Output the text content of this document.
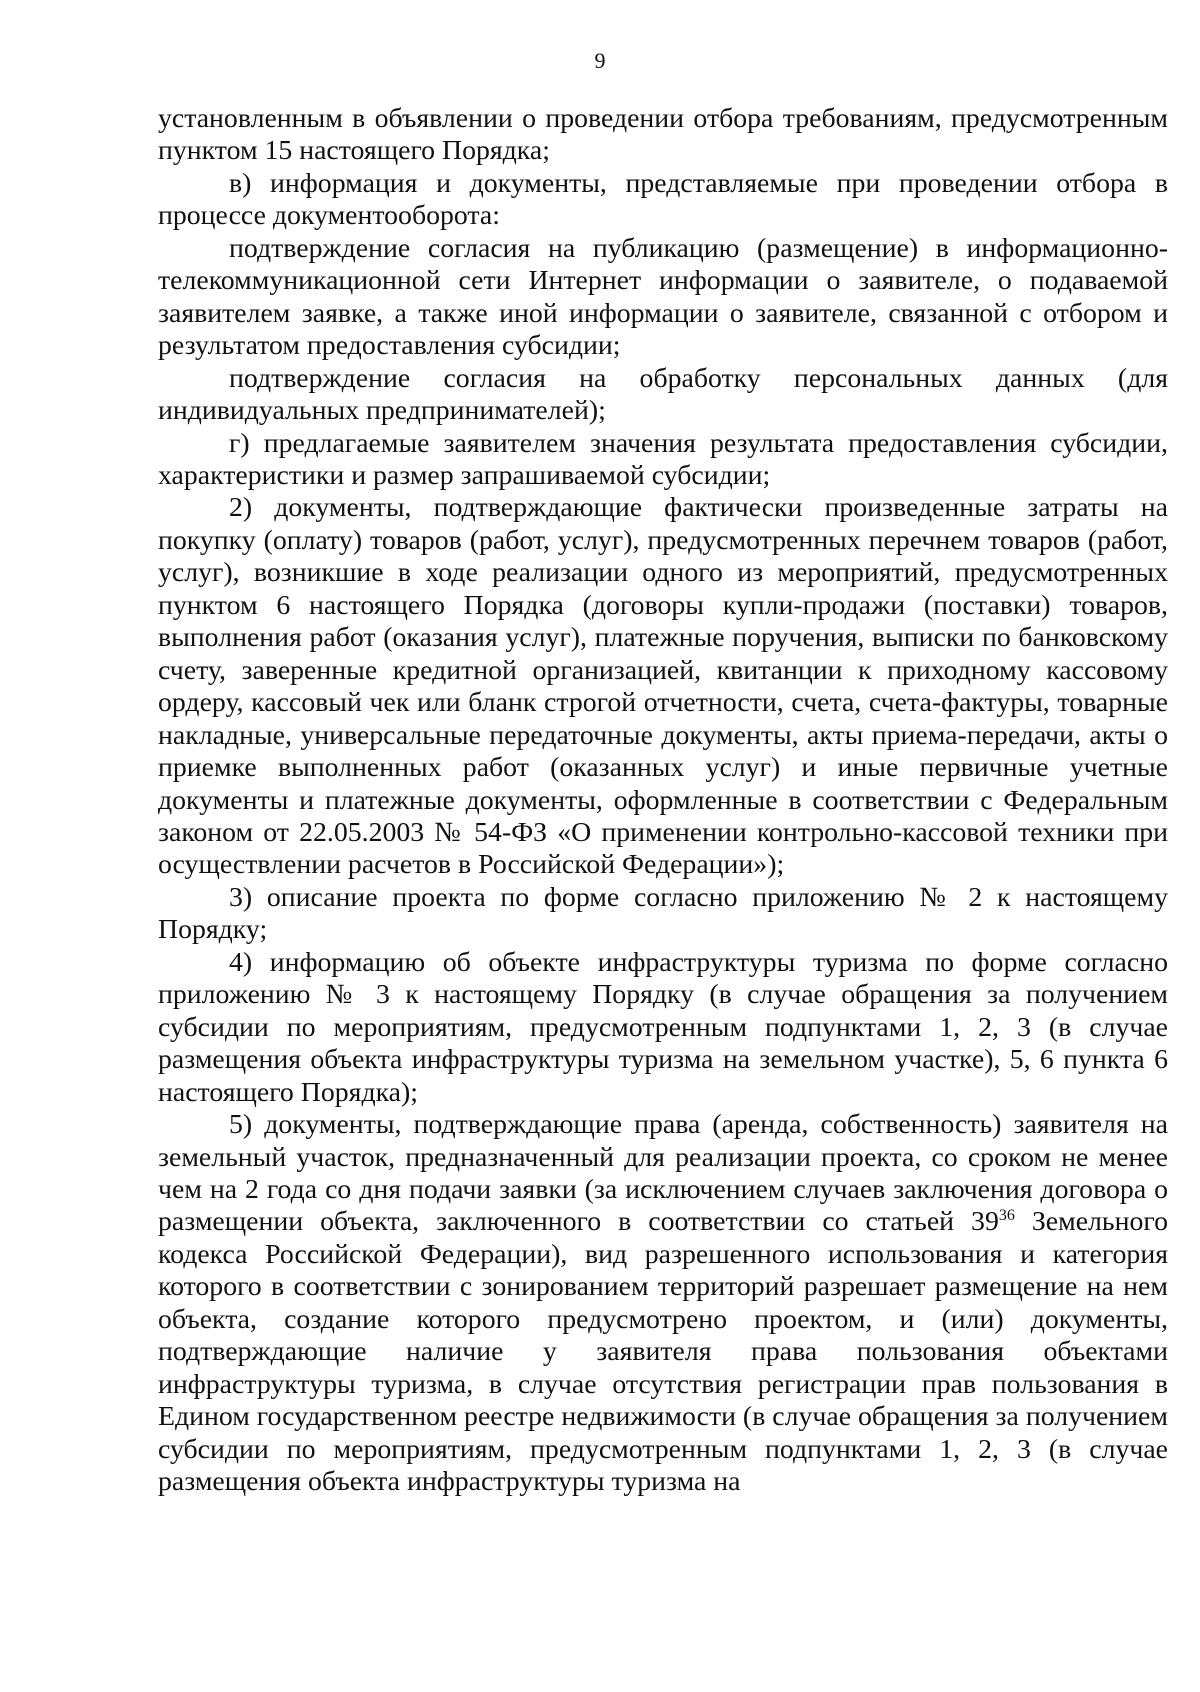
9

установленным в объявлении о проведении отбора требованиям, предусмотренным пунктом 15 настоящего Порядка;

в) информация и документы, представляемые при проведении отбора в процессе документооборота:

подтверждение согласия на публикацию (размещение) в информационно-телекоммуникационной сети Интернет информации о заявителе, о подаваемой заявителем заявке, а также иной информации о заявителе, связанной с отбором и результатом предоставления субсидии;

подтверждение согласия на обработку персональных данных (для индивидуальных предпринимателей);

г) предлагаемые заявителем значения результата предоставления субсидии, характеристики и размер запрашиваемой субсидии;

2) документы, подтверждающие фактически произведенные затраты на покупку (оплату) товаров (работ, услуг), предусмотренных перечнем товаров (работ, услуг), возникшие в ходе реализации одного из мероприятий, предусмотренных пунктом 6 настоящего Порядка (договоры купли-продажи (поставки) товаров, выполнения работ (оказания услуг), платежные поручения, выписки по банковскому счету, заверенные кредитной организацией, квитанции к приходному кассовому ордеру, кассовый чек или бланк строгой отчетности, счета, счета-фактуры, товарные накладные, универсальные передаточные документы, акты приема-передачи, акты о приемке выполненных работ (оказанных услуг) и иные первичные учетные документы и платежные документы, оформленные в соответствии с Федеральным законом от 22.05.2003 № 54-ФЗ «О применении контрольно-кассовой техники при осуществлении расчетов в Российской Федерации»);

3) описание проекта по форме согласно приложению № 2 к настоящему Порядку;

4) информацию об объекте инфраструктуры туризма по форме согласно приложению № 3 к настоящему Порядку (в случае обращения за получением субсидии по мероприятиям, предусмотренным подпунктами 1, 2, 3 (в случае размещения объекта инфраструктуры туризма на земельном участке), 5, 6 пункта 6 настоящего Порядка);

5) документы, подтверждающие права (аренда, собственность) заявителя на земельный участок, предназначенный для реализации проекта, со сроком не менее чем на 2 года со дня подачи заявки (за исключением случаев заключения договора о размещении объекта, заключенного в соответствии со статьей $39^{36}$ Земельного кодекса Российской Федерации), вид разрешенного использования и категория которого в соответствии с зонированием территорий разрешает размещение на нем объекта, создание которого предусмотрено проектом, и (или) документы, подтверждающие наличие у заявителя права пользования объектами инфраструктуры туризма, в случае отсутствия регистрации прав пользования в Едином государственном реестре недвижимости (в случае обращения за получением субсидии по мероприятиям, предусмотренным подпунктами 1, 2, 3 (в случае размещения объекта инфраструктуры туризма на
